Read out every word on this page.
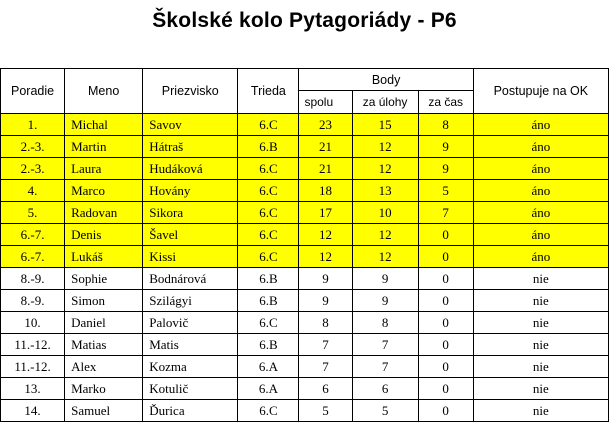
Školské kolo Pytagoriády - P6
Poradie	Meno	Priezvisko	Trieda	Body			Postupuje na OK
				spolu	za úlohy	za čas	
1.	Michal	Savov	6.C	23	15	8	áno
2.-3.	Martin	Hátraš	6.B	21	12	9	áno
2.-3.	Laura	Hudáková	6.C	21	12	9	áno
4.	Marco	Hovány	6.C	18	13	5	áno
5.	Radovan	Sikora	6.C	17	10	7	áno
6.-7.	Denis	Šavel	6.C	12	12	0	áno
6.-7.	Lukáš	Kissi	6.C	12	12	0	áno
8.-9.	Sophie	Bodnárová	6.B	9	9	0	nie
8.-9.	Simon	Szilágyi	6.B	9	9	0	nie
10.	Daniel	Palovič	6.C	8	8	0	nie
11.-12.	Matias	Matis	6.B	7	7	0	nie
11.-12.	Alex	Kozma	6.A	7	7	0	nie
13.	Marko	Kotulič	6.A	6	6	0	nie
14.	Samuel	Ďurica	6.C	5	5	0	nie
